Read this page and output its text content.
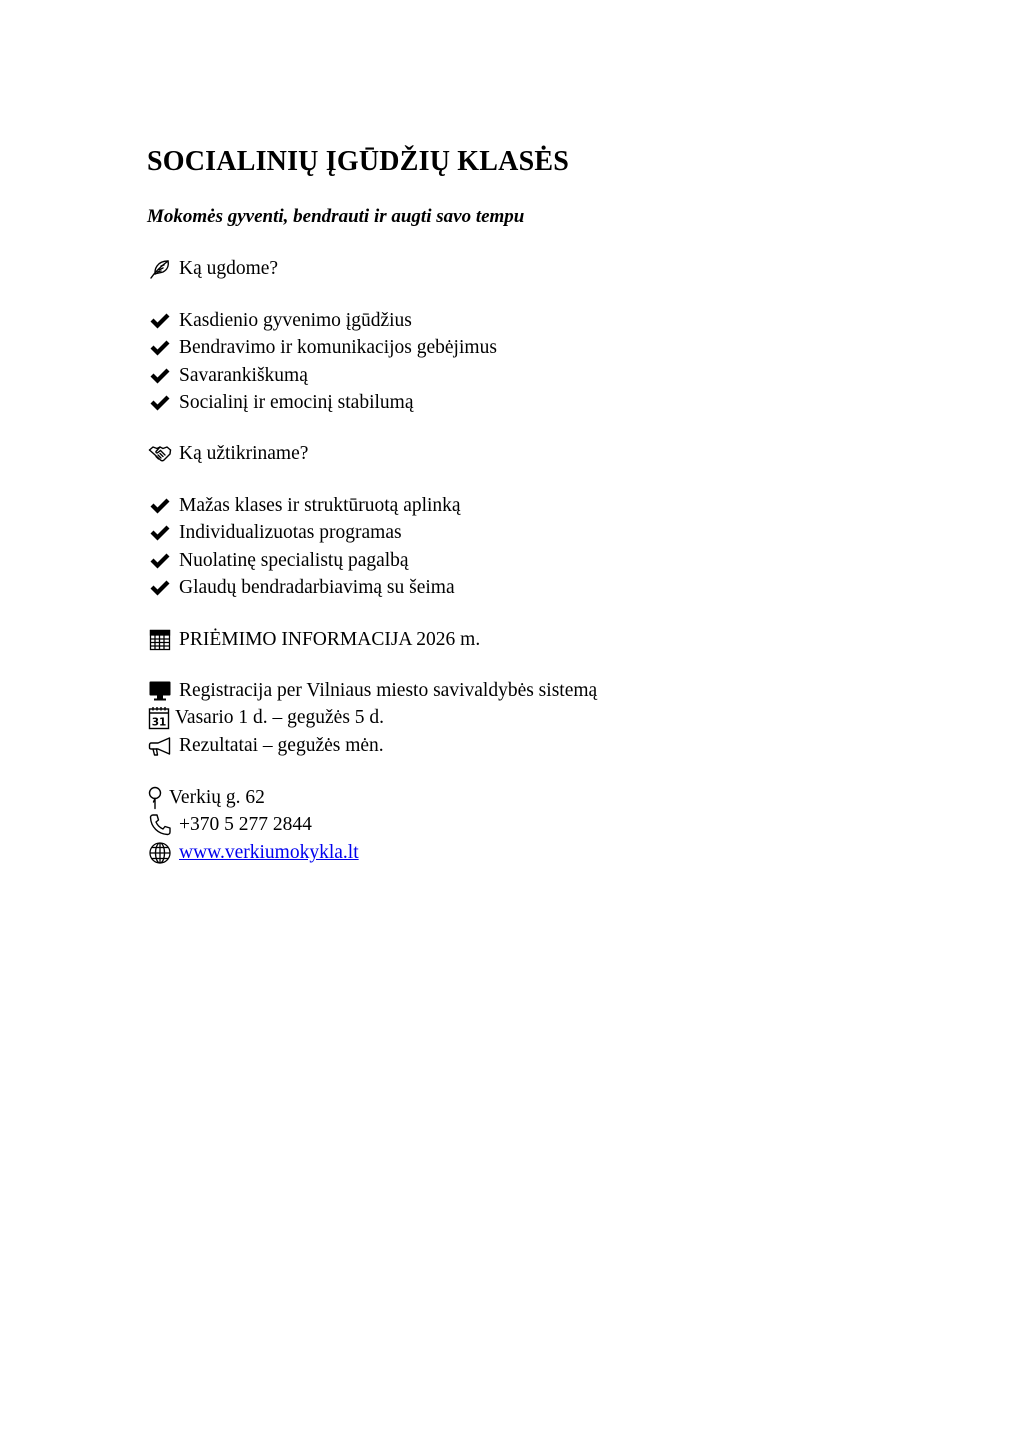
SOCIALINIŲ ĮGŪDŽIŲ KLASĖS

Mokomės gyventi, bendrauti ir augti savo tempu

Ką ugdome?
Kasdienio gyvenimo įgūdžius
Bendravimo ir komunikacijos gebėjimus
Savarankiškumą
Socialinį ir emocinį stabilumą
Ką užtikriname?
Mažas klases ir struktūruotą aplinką
Individualizuotas programas
Nuolatinę specialistų pagalbą
Glaudų bendradarbiavimą su šeima
PRIĖMIMO INFORMACIJA 2026 m.
Registracija per Vilniaus miesto savivaldybės sistemą
31 Vasario 1 d. – gegužės 5 d.
Rezultatai – gegužės mėn.
Verkių g. 62
+370 5 277 2844
www.verkiumokykla.lt
